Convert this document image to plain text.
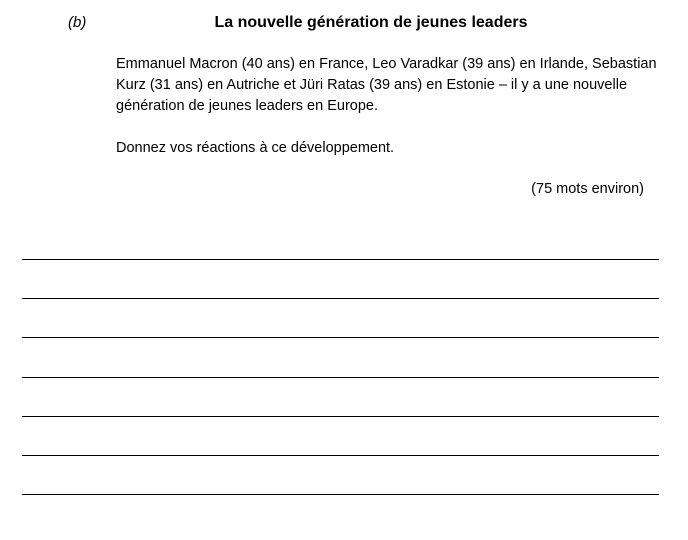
(b)	La nouvelle génération de jeunes leaders

Emmanuel Macron (40 ans) en France, Leo Varadkar (39 ans) en Irlande, Sebastian Kurz (31 ans) en Autriche et Jüri Ratas (39 ans) en Estonie – il y a une nouvelle génération de jeunes leaders en Europe.

Donnez vos réactions à ce développement.

(75 mots environ)
